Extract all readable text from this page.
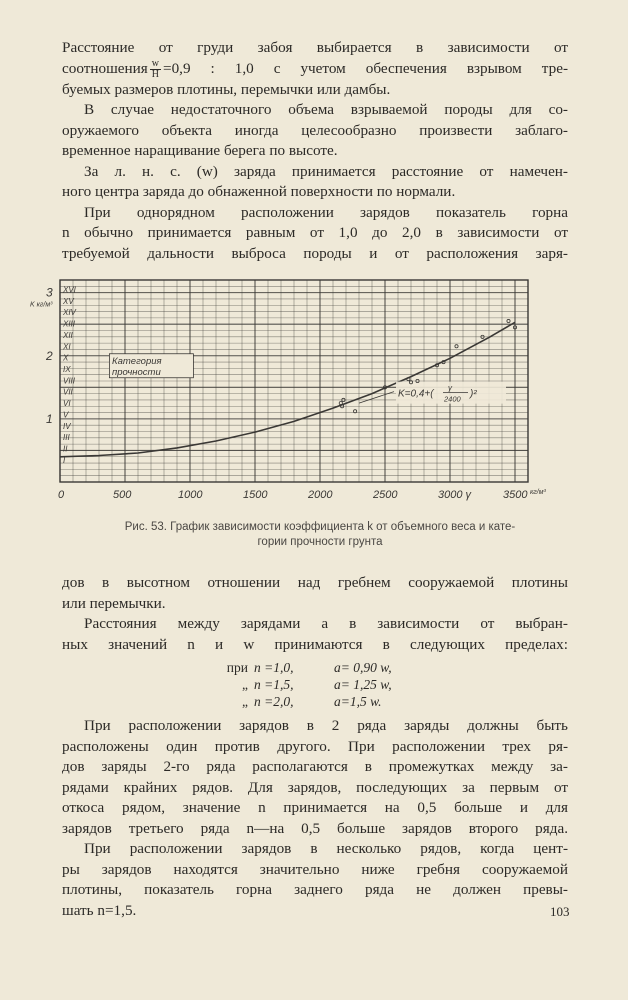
Расстояние от груди забоя выбирается в зависимости от
соотношения $\frac{w}{H} =0,9$ : 1,0 с учетом обеспечения взрывом тре-
буемых размеров плотины, перемычки или дамбы.
В случае недостаточного объема взрываемой породы для со-
оружаемого объекта иногда целесообразно произвести заблаго-
временное наращивание берега по высоте.
За л. н. с. (w) заряда принимается расстояние от намечен-
ного центра заряда до обнаженной поверхности по нормали.
При однорядном расположении зарядов показатель горна
n обычно принимается равным от 1,0 до 2,0 в зависимости от
требуемой дальности выброса породы и от расположения заря-
I
II
III
IV
V
VI
VII
VIII
IX
X
XI
XII
XIII
XIV
XV
XVI
Категория
прочности
K=0,4+(
γ
2400 )²
0	500	1000	1500	2000	2500	3000 γ	3500 кг/м³
1
2
3
K кг/м³
Рис. 53. График зависимости коэффициента k от объемного веса и кате-
гории прочности грунта
дов в высотном отношении над гребнем сооружаемой плотины
или перемычки.
Расстояния между зарядами a в зависимости от выбран-
ных значений n и w принимаются в следующих пределах:
при n =1,0,	a= 0,90 w,
„ n =1,5,	a= 1,25 w,
„ n =2,0,	a=1,5 w.
При расположении зарядов в 2 ряда заряды должны быть
расположены один против другого. При расположении трех ря-
дов заряды 2-го ряда располагаются в промежутках между за-
рядами крайних рядов. Для зарядов, последующих за первым от
откоса рядом, значение n принимается на 0,5 больше и для
зарядов третьего ряда n—на 0,5 больше зарядов второго ряда.
При расположении зарядов в несколько рядов, когда цент-
ры зарядов находятся значительно ниже гребня сооружаемой
плотины, показатель горна заднего ряда не должен превы-
шать n=1,5.	103
